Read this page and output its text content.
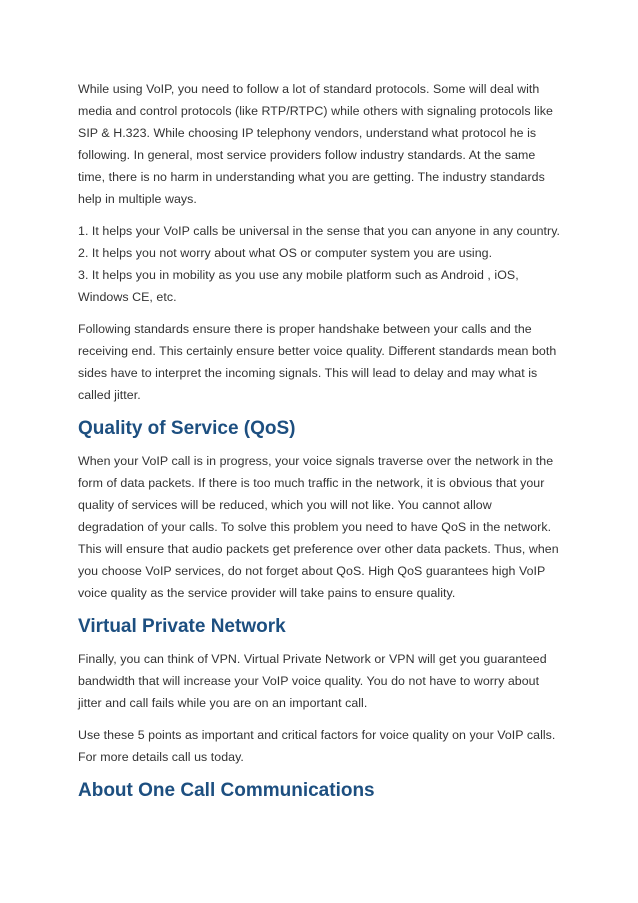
While using VoIP, you need to follow a lot of standard protocols. Some will deal with media and control protocols (like RTP/RTPC) while others with signaling protocols like SIP & H.323. While choosing IP telephony vendors, understand what protocol he is following. In general, most service providers follow industry standards. At the same time, there is no harm in understanding what you are getting. The industry standards help in multiple ways.

1. It helps your VoIP calls be universal in the sense that you can anyone in any country.
2. It helps you not worry about what OS or computer system you are using.
3. It helps you in mobility as you use any mobile platform such as Android , iOS, Windows CE, etc.

Following standards ensure there is proper handshake between your calls and the receiving end. This certainly ensure better voice quality. Different standards mean both sides have to interpret the incoming signals. This will lead to delay and may what is called jitter.

Quality of Service (QoS)

When your VoIP call is in progress, your voice signals traverse over the network in the form of data packets. If there is too much traffic in the network, it is obvious that your quality of services will be reduced, which you will not like. You cannot allow degradation of your calls. To solve this problem you need to have QoS in the network. This will ensure that audio packets get preference over other data packets. Thus, when you choose VoIP services, do not forget about QoS. High QoS guarantees high VoIP voice quality as the service provider will take pains to ensure quality.

Virtual Private Network

Finally, you can think of VPN. Virtual Private Network or VPN will get you guaranteed bandwidth that will increase your VoIP voice quality. You do not have to worry about jitter and call fails while you are on an important call.

Use these 5 points as important and critical factors for voice quality on your VoIP calls. For more details call us today.

About One Call Communications
